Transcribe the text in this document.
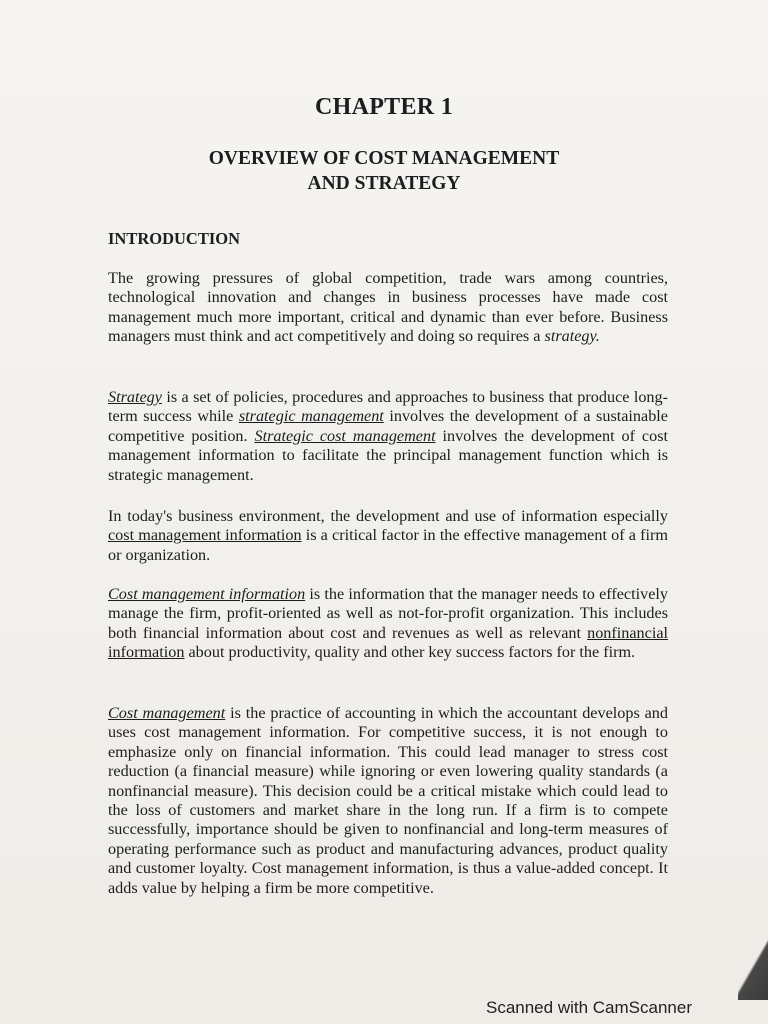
CHAPTER 1
OVERVIEW OF COST MANAGEMENT
AND STRATEGY
INTRODUCTION

The growing pressures of global competition, trade wars among countries, technological innovation and changes in business processes have made cost management much more important, critical and dynamic than ever before. Business managers must think and act competitively and doing so requires a strategy.

Strategy is a set of policies, procedures and approaches to business that produce long-term success while strategic management involves the development of a sustainable competitive position. Strategic cost management involves the development of cost management information to facilitate the principal management function which is strategic management.

In today's business environment, the development and use of information especially cost management information is a critical factor in the effective management of a firm or organization.

Cost management information is the information that the manager needs to effectively manage the firm, profit-oriented as well as not-for-profit organization. This includes both financial information about cost and revenues as well as relevant nonfinancial information about productivity, quality and other key success factors for the firm.

Cost management is the practice of accounting in which the accountant develops and uses cost management information. For competitive success, it is not enough to emphasize only on financial information. This could lead manager to stress cost reduction (a financial measure) while ignoring or even lowering quality standards (a nonfinancial measure). This decision could be a critical mistake which could lead to the loss of customers and market share in the long run. If a firm is to compete successfully, importance should be given to nonfinancial and long-term measures of operating performance such as product and manufacturing advances, product quality and customer loyalty. Cost management information, is thus a value-added concept. It adds value by helping a firm be more competitive.

Scanned with CamScanner
